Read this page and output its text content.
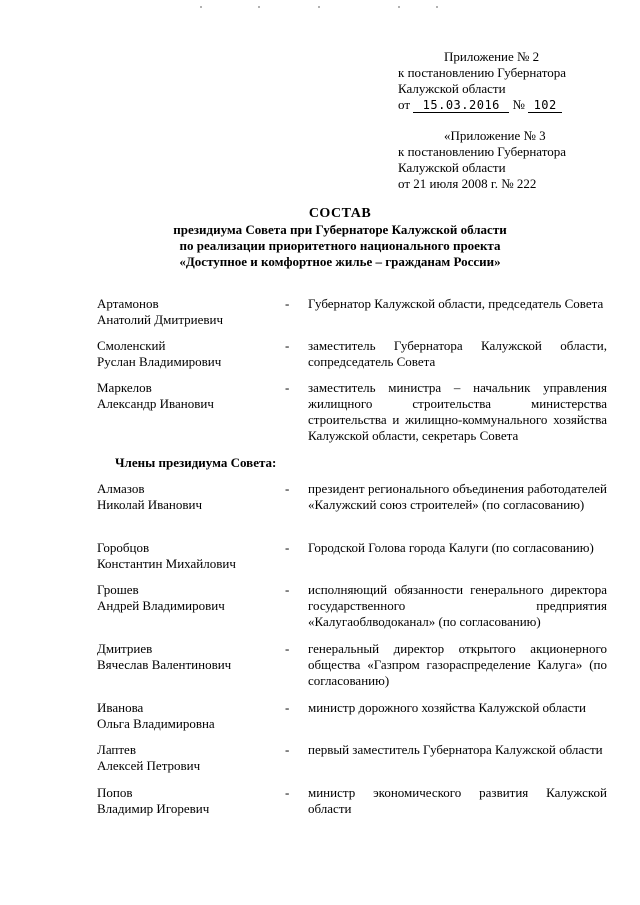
Приложение № 2
к постановлению Губернатора
Калужской области
от 15.03.2016 № 102
«Приложение № 3
к постановлению Губернатора
Калужской области
от 21 июля 2008 г. № 222
СОСТАВ
президиума Совета при Губернаторе Калужской области
по реализации приоритетного национального проекта
«Доступное и комфортное жилье – гражданам России»
Артамонов
Анатолий Дмитриевич
-	Губернатор Калужской области, председатель Совета
Смоленский
Руслан Владимирович
-	заместитель Губернатора Калужской области, сопредседатель Совета
Маркелов
Александр Иванович
-	заместитель министра – начальник управления жилищного строительства министерства строительства и жилищно-коммунального хозяйства Калужской области, секретарь Совета
Члены президиума Совета:
Алмазов
Николай Иванович
-	президент регионального объединения работодателей «Калужский союз строителей» (по согласованию)
Горобцов
Константин Михайлович
-	Городской Голова города Калуги (по согласованию)
Грошев
Андрей Владимирович
-	исполняющий обязанности генерального директора государственного предприятия «Калугаоблводоканал» (по согласованию)
Дмитриев
Вячеслав Валентинович
-	генеральный директор открытого акционерного общества «Газпром газораспределение Калуга» (по согласованию)
Иванова
Ольга Владимировна
-	министр дорожного хозяйства Калужской области
Лаптев
Алексей Петрович
-	первый заместитель Губернатора Калужской области
Попов
Владимир Игоревич
-	министр экономического развития Калужской области
